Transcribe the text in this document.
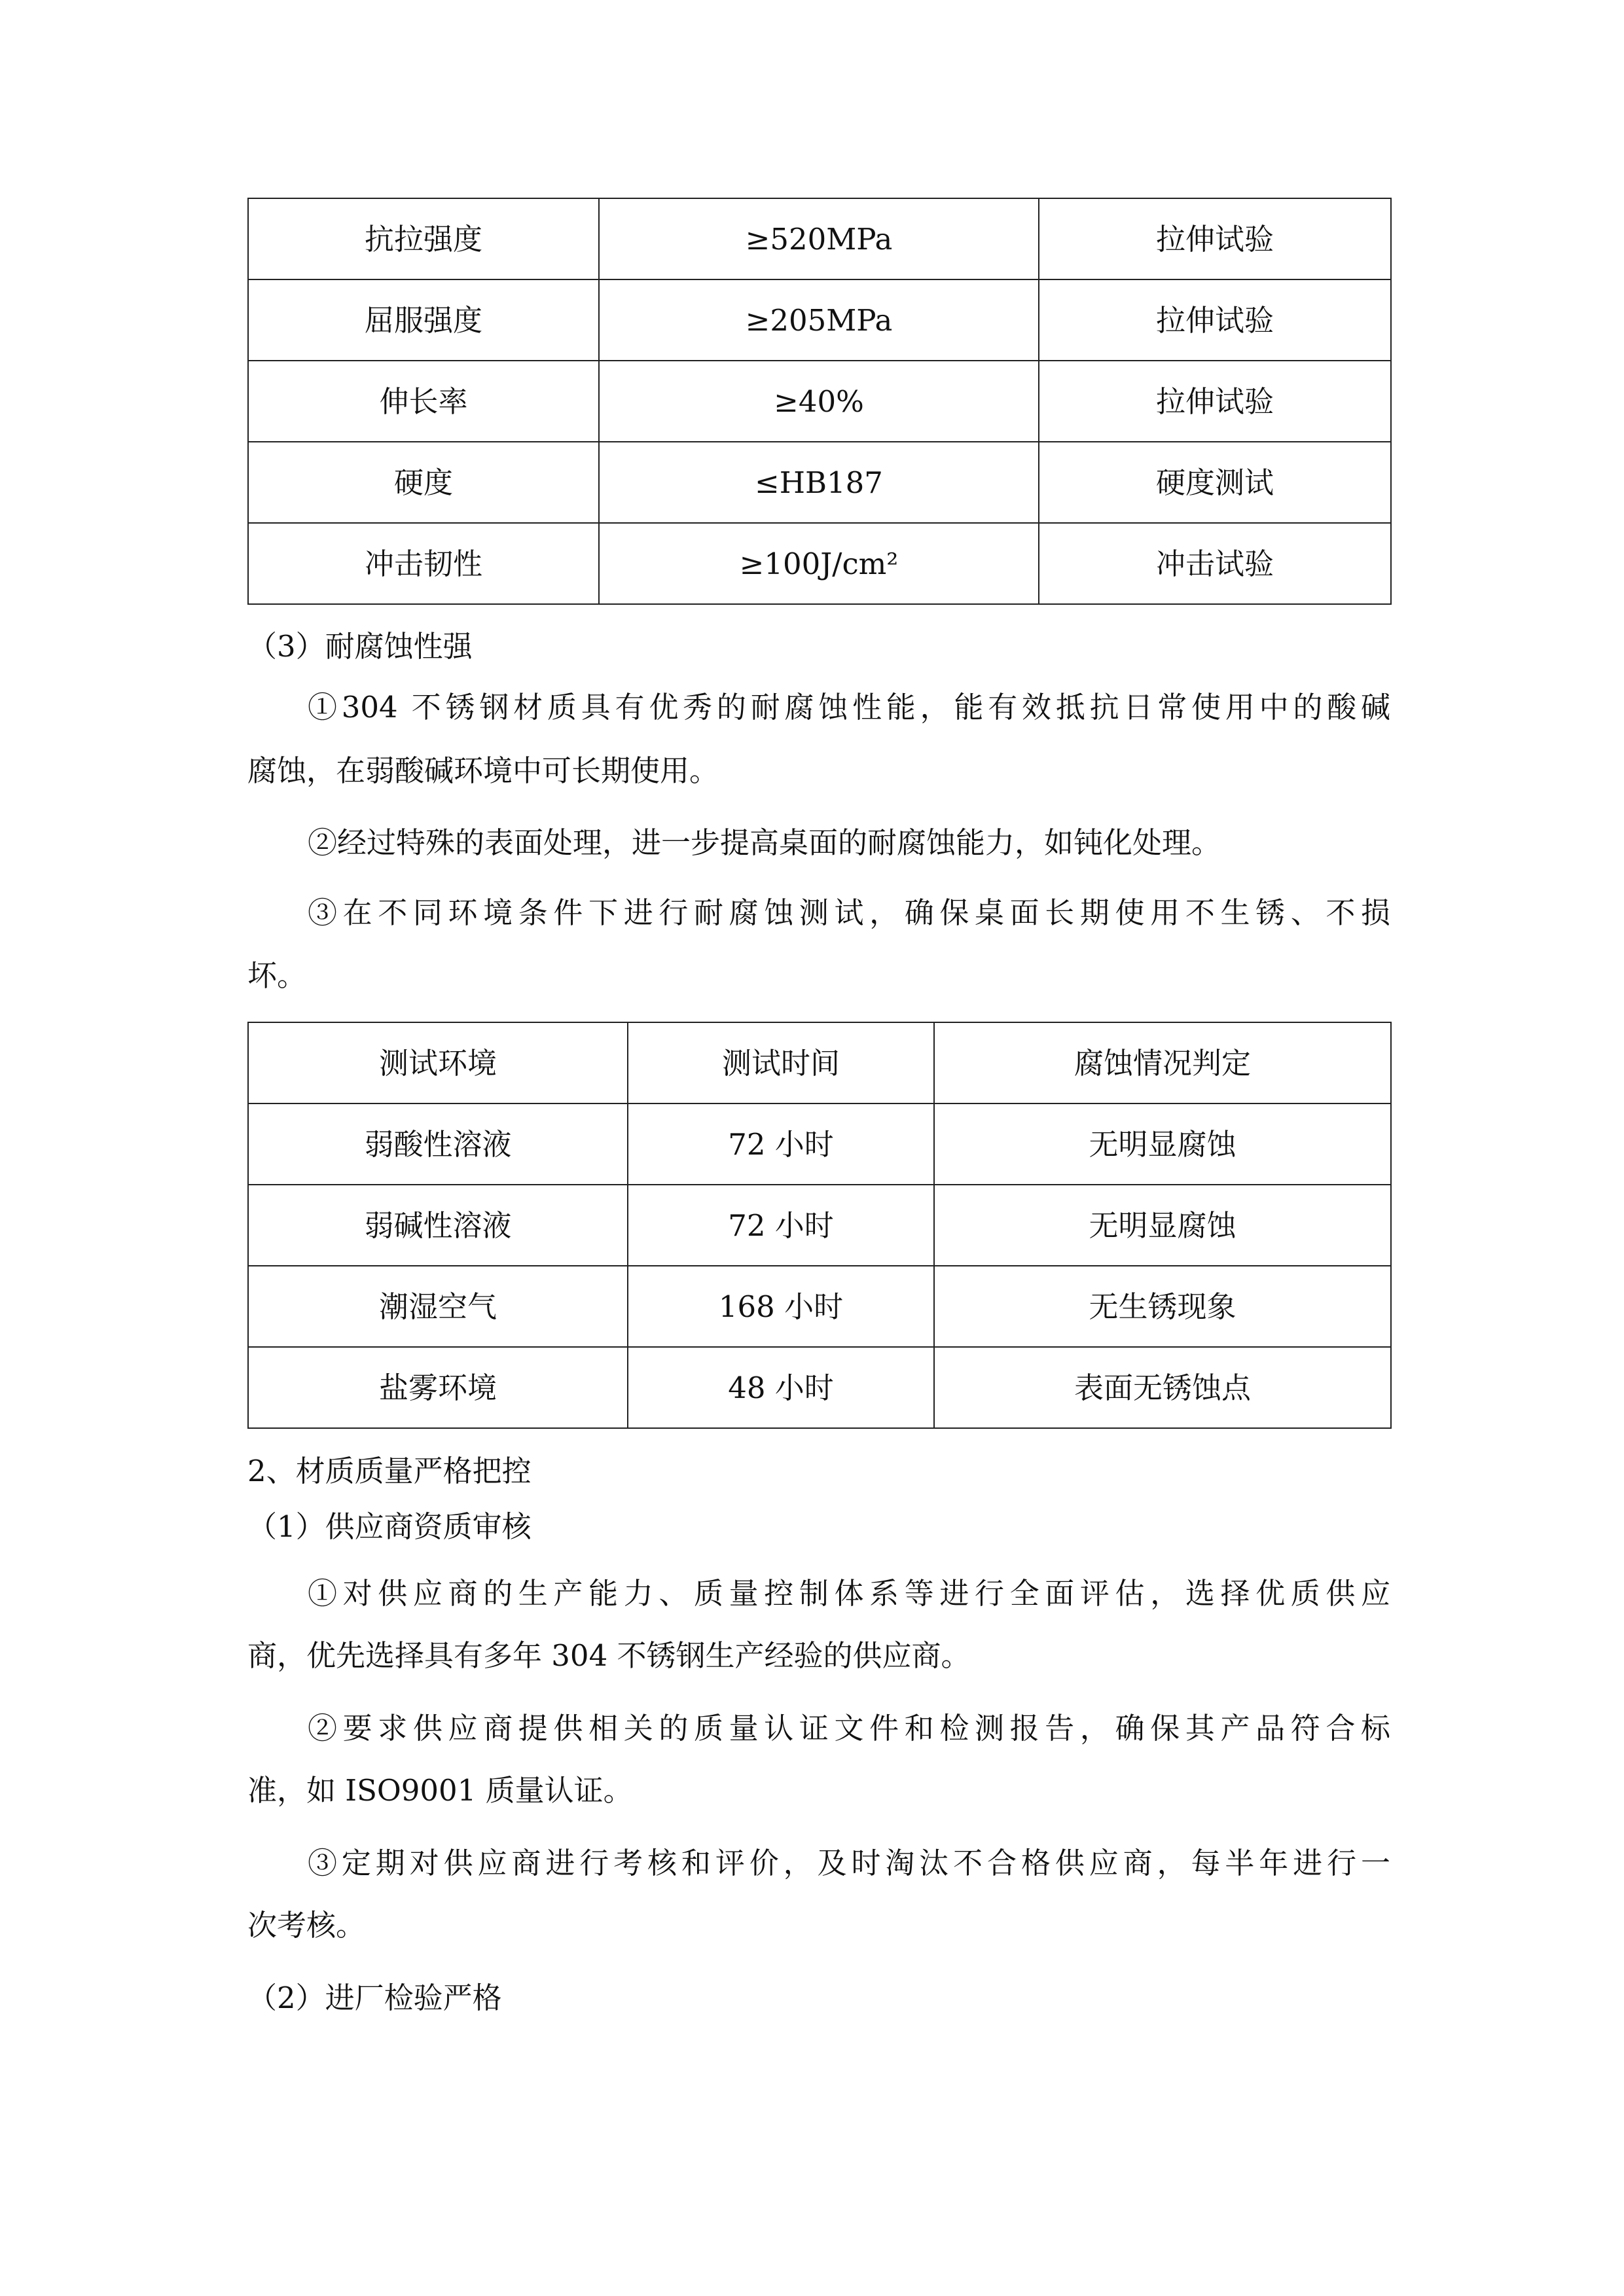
抗拉强度	≥520MPa	拉伸试验
屈服强度	≥205MPa	拉伸试验
伸长率	≥40%	拉伸试验
硬度	≤HB187	硬度测试
冲击韧性	≥100J/cm²	冲击试验
（3）耐腐蚀性强
①304 不锈钢材质具有优秀的耐腐蚀性能，能有效抵抗日常使用中的酸碱
腐蚀，在弱酸碱环境中可长期使用。
②经过特殊的表面处理，进一步提高桌面的耐腐蚀能力，如钝化处理。
③在不同环境条件下进行耐腐蚀测试，确保桌面长期使用不生锈、不损
坏。
测试环境	测试时间	腐蚀情况判定
弱酸性溶液	72 小时	无明显腐蚀
弱碱性溶液	72 小时	无明显腐蚀
潮湿空气	168 小时	无生锈现象
盐雾环境	48 小时	表面无锈蚀点
2、材质质量严格把控
（1）供应商资质审核
①对供应商的生产能力、质量控制体系等进行全面评估，选择优质供应
商，优先选择具有多年 304 不锈钢生产经验的供应商。
②要求供应商提供相关的质量认证文件和检测报告，确保其产品符合标
准，如 ISO9001 质量认证。
③定期对供应商进行考核和评价，及时淘汰不合格供应商，每半年进行一
次考核。
（2）进厂检验严格
